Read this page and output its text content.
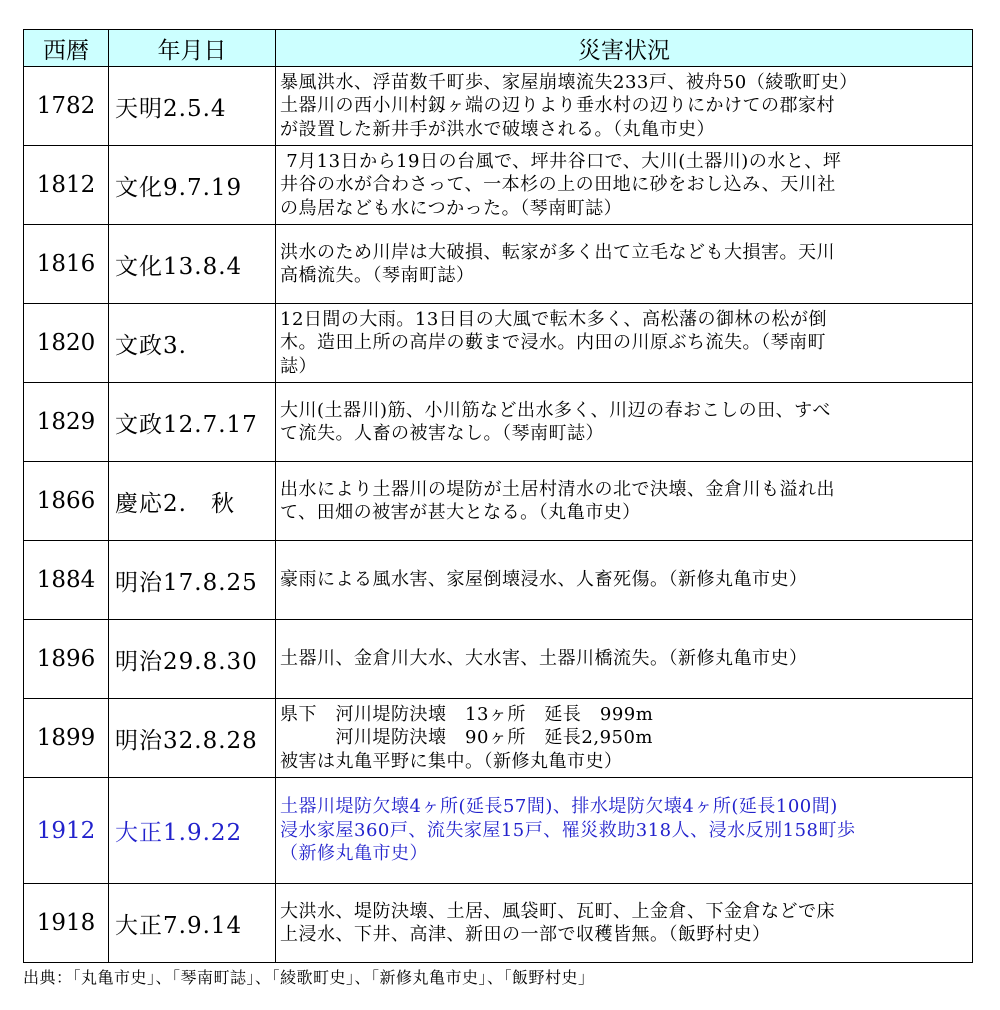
西暦	年月日	災害状況
1782	天明2.5.4	暴風洪水、浮苗数千町歩、家屋崩壊流失233戸、被舟50（綾歌町史）
土器川の西小川村釼ヶ端の辺りより垂水村の辺りにかけての郡家村
が設置した新井手が洪水で破壊される。（丸亀市史）
1812	文化9.7.19	7月13日から19日の台風で、坪井谷口で、大川(土器川)の水と、坪
井谷の水が合わさって、一本杉の上の田地に砂をおし込み、天川社
の鳥居なども水につかった。（琴南町誌）
1816	文化13.8.4	洪水のため川岸は大破損、転家が多く出て立毛なども大損害。天川
高橋流失。（琴南町誌）
1820	文政3.	12日間の大雨。13日目の大風で転木多く、高松藩の御林の松が倒
木。造田上所の高岸の藪まで浸水。内田の川原ぶち流失。（琴南町
誌）
1829	文政12.7.17	大川(土器川)筋、小川筋など出水多く、川辺の春おこしの田、すべ
て流失。人畜の被害なし。（琴南町誌）
1866	慶応2.　秋	出水により土器川の堤防が土居村清水の北で決壊、金倉川も溢れ出
て、田畑の被害が甚大となる。（丸亀市史）
1884	明治17.8.25	豪雨による風水害、家屋倒壊浸水、人畜死傷。（新修丸亀市史）
1896	明治29.8.30	土器川、金倉川大水、大水害、土器川橋流失。（新修丸亀市史）
1899	明治32.8.28	県下　河川堤防決壊　13ヶ所　延長　999m
　　　河川堤防決壊　90ヶ所　延長2,950m
被害は丸亀平野に集中。（新修丸亀市史）
1912	大正1.9.22	土器川堤防欠壊4ヶ所(延長57間)、排水堤防欠壊4ヶ所(延長100間)
浸水家屋360戸、流失家屋15戸、罹災救助318人、浸水反別158町歩
（新修丸亀市史）
1918	大正7.9.14	大洪水、堤防決壊、土居、風袋町、瓦町、上金倉、下金倉などで床
上浸水、下井、高津、新田の一部で収穫皆無。（飯野村史）
出典：「丸亀市史」、「琴南町誌」、「綾歌町史」、「新修丸亀市史」、「飯野村史」
